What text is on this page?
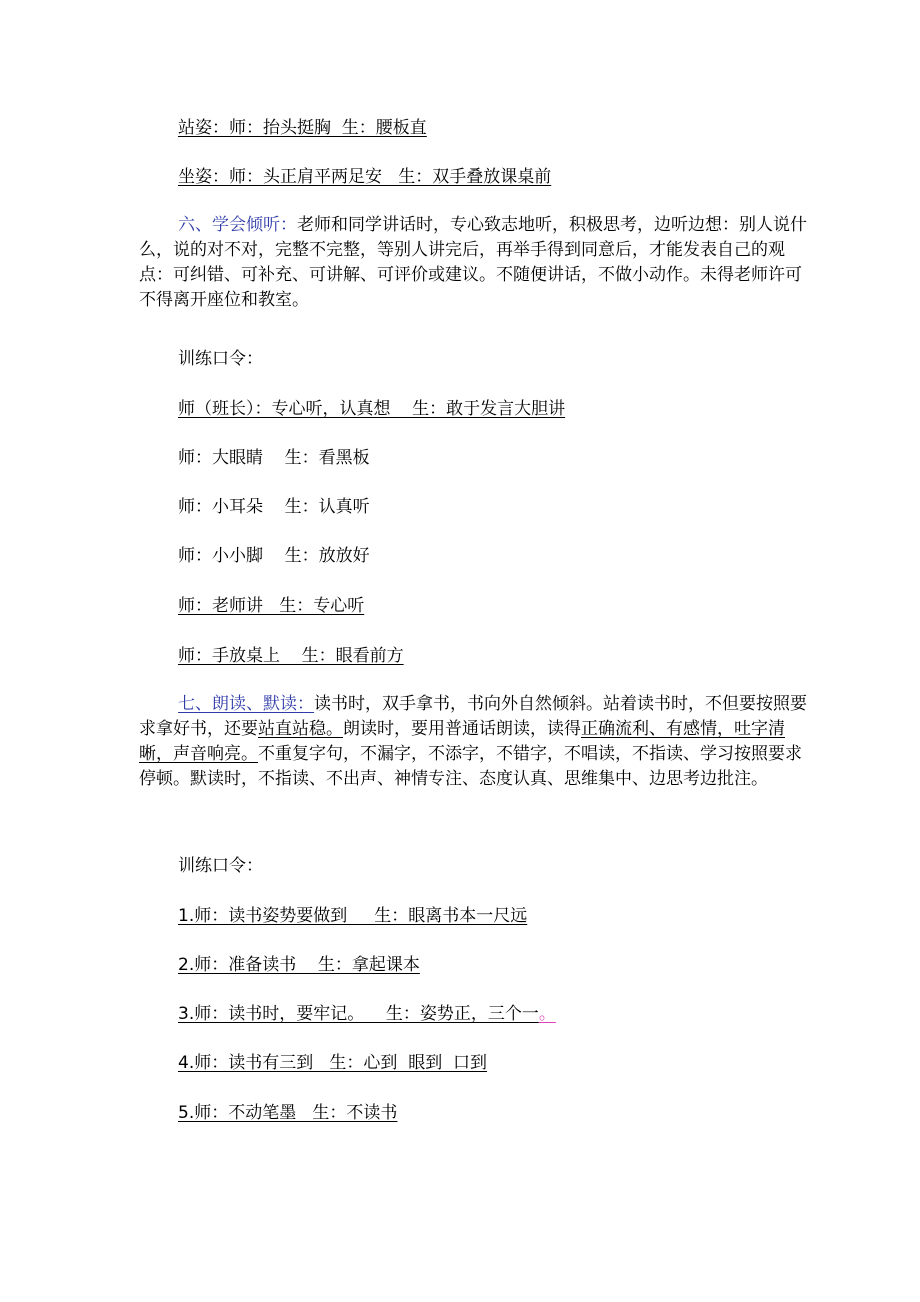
站姿：师：抬头挺胸  生：腰板直
坐姿：师：头正肩平两足安   生：双手叠放课桌前
六、学会倾听：老师和同学讲话时，专心致志地听，积极思考，边听边想：别人说什么，说的对不对，完整不完整，等别人讲完后，再举手得到同意后，才能发表自己的观点：可纠错、可补充、可讲解、可评价或建议。不随便讲话，不做小动作。未得老师许可不得离开座位和教室。
训练口令：
师（班长）：专心听，认真想    生：敢于发言大胆讲
师：大眼睛    生：看黑板
师：小耳朵    生：认真听
师：小小脚    生：放放好
师：老师讲   生：专心听
师：手放桌上    生：眼看前方
七、朗读、默读：读书时，双手拿书，书向外自然倾斜。站着读书时，不但要按照要求拿好书，还要站直站稳。朗读时，要用普通话朗读，读得正确流利、有感情，吐字清晰，声音响亮。不重复字句，不漏字，不添字，不错字，不唱读，不指读、学习按照要求停顿。默读时，不指读、不出声、神情专注、态度认真、思维集中、边思考边批注。
训练口令：
1.师：读书姿势要做到     生：眼离书本一尺远
2.师：准备读书    生：拿起课本
3.师：读书时，要牢记。    生：姿势正，三个一。
4.师：读书有三到   生：心到  眼到  口到
5.师：不动笔墨   生：不读书
